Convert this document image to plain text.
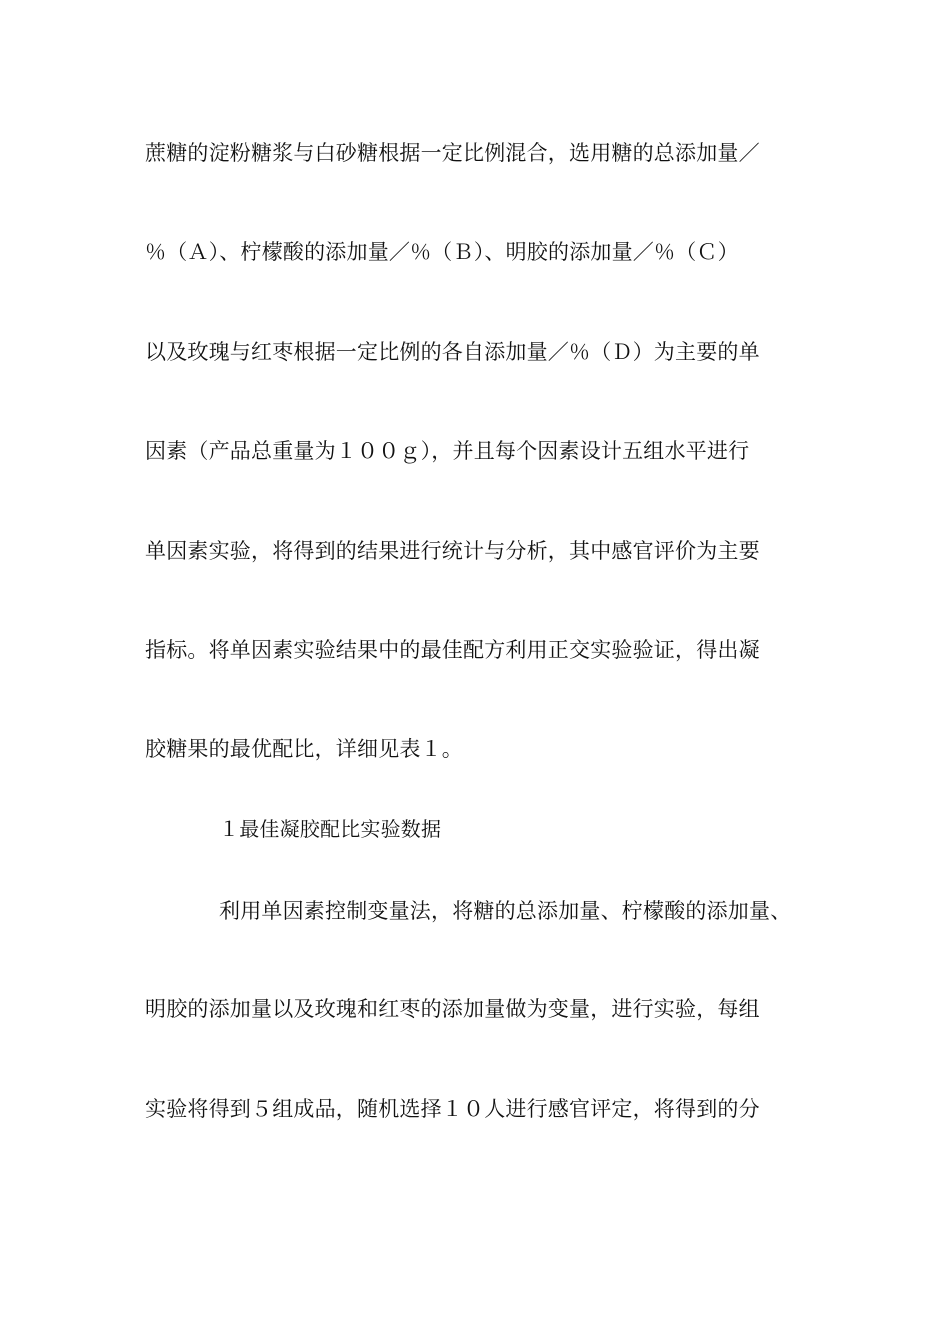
蔗糖的淀粉糖浆与白砂糖根据一定比例混合，选用糖的总添加量／
％（Ａ）、柠檬酸的添加量／％（Ｂ）、明胶的添加量／％（Ｃ）
以及玫瑰与红枣根据一定比例的各自添加量／％（Ｄ）为主要的单
因素（产品总重量为１００ｇ），并且每个因素设计五组水平进行
单因素实验，将得到的结果进行统计与分析，其中感官评价为主要
指标。将单因素实验结果中的最佳配方利用正交实验验证，得出凝
胶糖果的最优配比，详细见表１。
１最佳凝胶配比实验数据
利用单因素控制变量法，将糖的总添加量、柠檬酸的添加量、
明胶的添加量以及玫瑰和红枣的添加量做为变量，进行实验，每组
实验将得到５组成品，随机选择１０人进行感官评定，将得到的分
